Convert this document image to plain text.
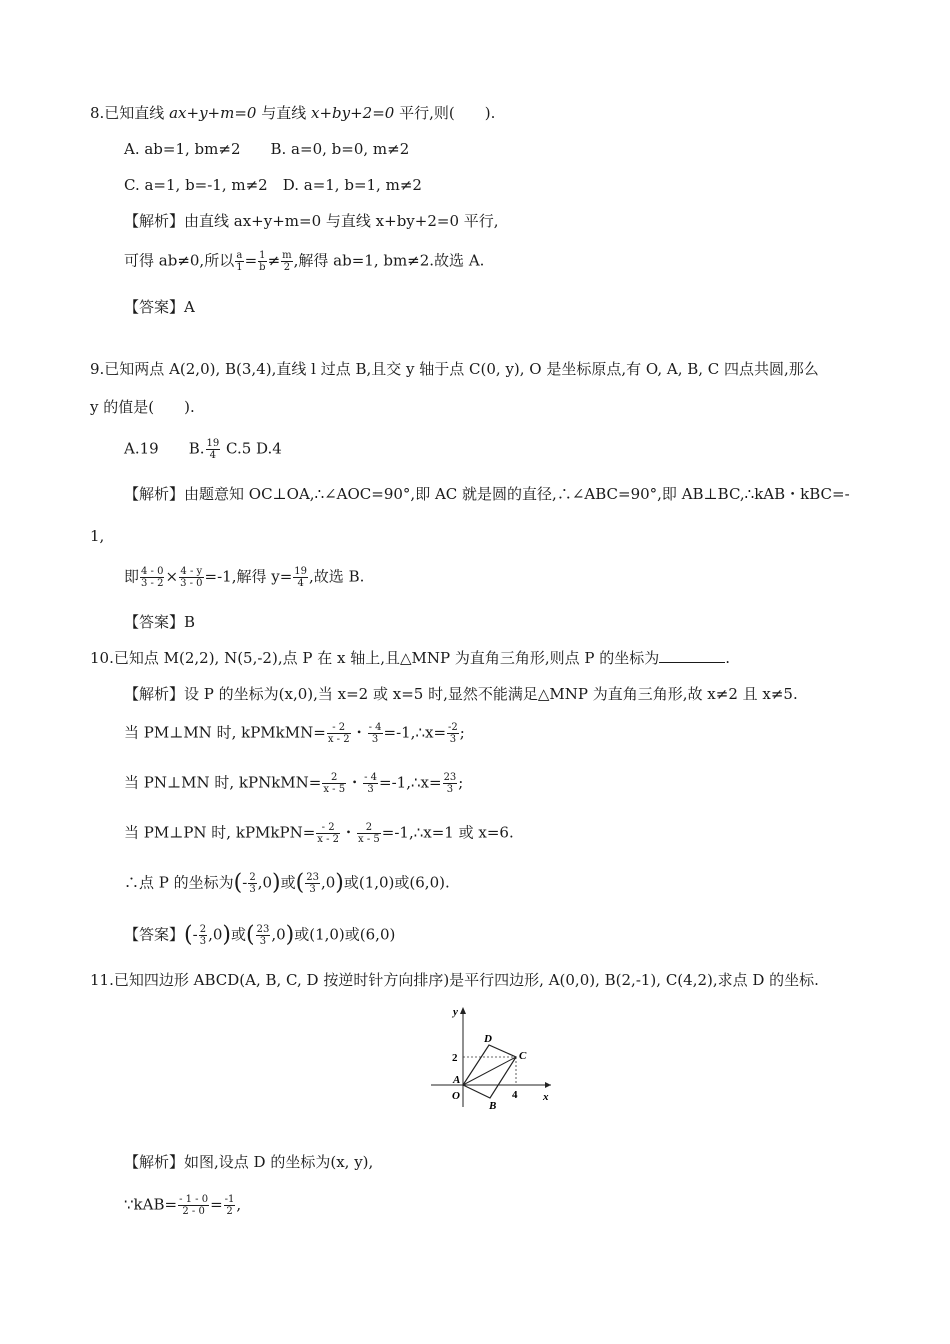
8.已知直线 ax+y+m=0 与直线 x+by+2=0 平行,则(　　).
A. ab=1, bm≠2　　B. a=0, b=0, m≠2
C. a=1, b=-1, m≠2　D. a=1, b=1, m≠2
【解析】由直线 ax+y+m=0 与直线 x+by+2=0 平行,
可得 ab≠0,所以 $\frac{a}{1} = \frac{1}{b} \ne \frac{m}{2}$ ,解得 ab=1, bm≠2.故选 A.
【答案】A
9.已知两点 A(2,0), B(3,4),直线 l 过点 B,且交 y 轴于点 C(0, y), O 是坐标原点,有 O, A, B, C 四点共圆,那么
y 的值是(　　).
A.19　　 B. $\frac{19}{4} C.5$ D.4
【解析】由题意知 OC⊥OA,∴∠AOC=90°,即 AC 就是圆的直径,∴∠ABC=90°,即 AB⊥BC,∴kAB・kBC=-
1,
即 $\frac{4 - 0}{3 - 2} \times \frac{4 - y}{3 - 0} =-1$,解得 $y= \frac{19}{4}$ ,故选 B.
【答案】B
10.已知点 M(2,2), N(5,-2),点 P 在 x 轴上,且△MNP 为直角三角形,则点 P 的坐标为	.
【解析】设 P 的坐标为(x,0),当 x=2 或 x=5 时,显然不能满足△MNP 为直角三角形,故 x≠2 且 x≠5.
当 PM⊥MN 时, kPMkMN= $\frac{- 2}{x - 2}$ ・ $\frac{- 4}{3}$ =-1,∴x= $\frac{-2}{3}$ ;
当 PN⊥MN 时, kPNkMN= $\frac{2}{x - 5}$ ・ $\frac{- 4}{3}$ =-1,∴x= $\frac{23}{3}$ ;
当 PM⊥PN 时, kPMkPN= $\frac{- 2}{x - 2}$ ・ $\frac{2}{x - 5}$ =-1,∴x=1 或 x=6.
∴点 P 的坐标为(- $\frac{2}{3} ,0$)或( $\frac{23}{3} ,0$)或(1,0)或(6,0).
【答案】(- $\frac{2}{3} ,0$)或( $\frac{23}{3} ,0$)或(1,0)或(6,0)
11.已知四边形 ABCD(A, B, C, D 按逆时针方向排序)是平行四边形, A(0,0), B(2,-1), C(4,2),求点 D 的坐标.
y
x
2
4
O
A
B
C
D
【解析】如图,设点 D 的坐标为(x, y),
∵kAB= $\frac{- 1 - 0}{2 - 0} = \frac{-1}{2}$ ,
